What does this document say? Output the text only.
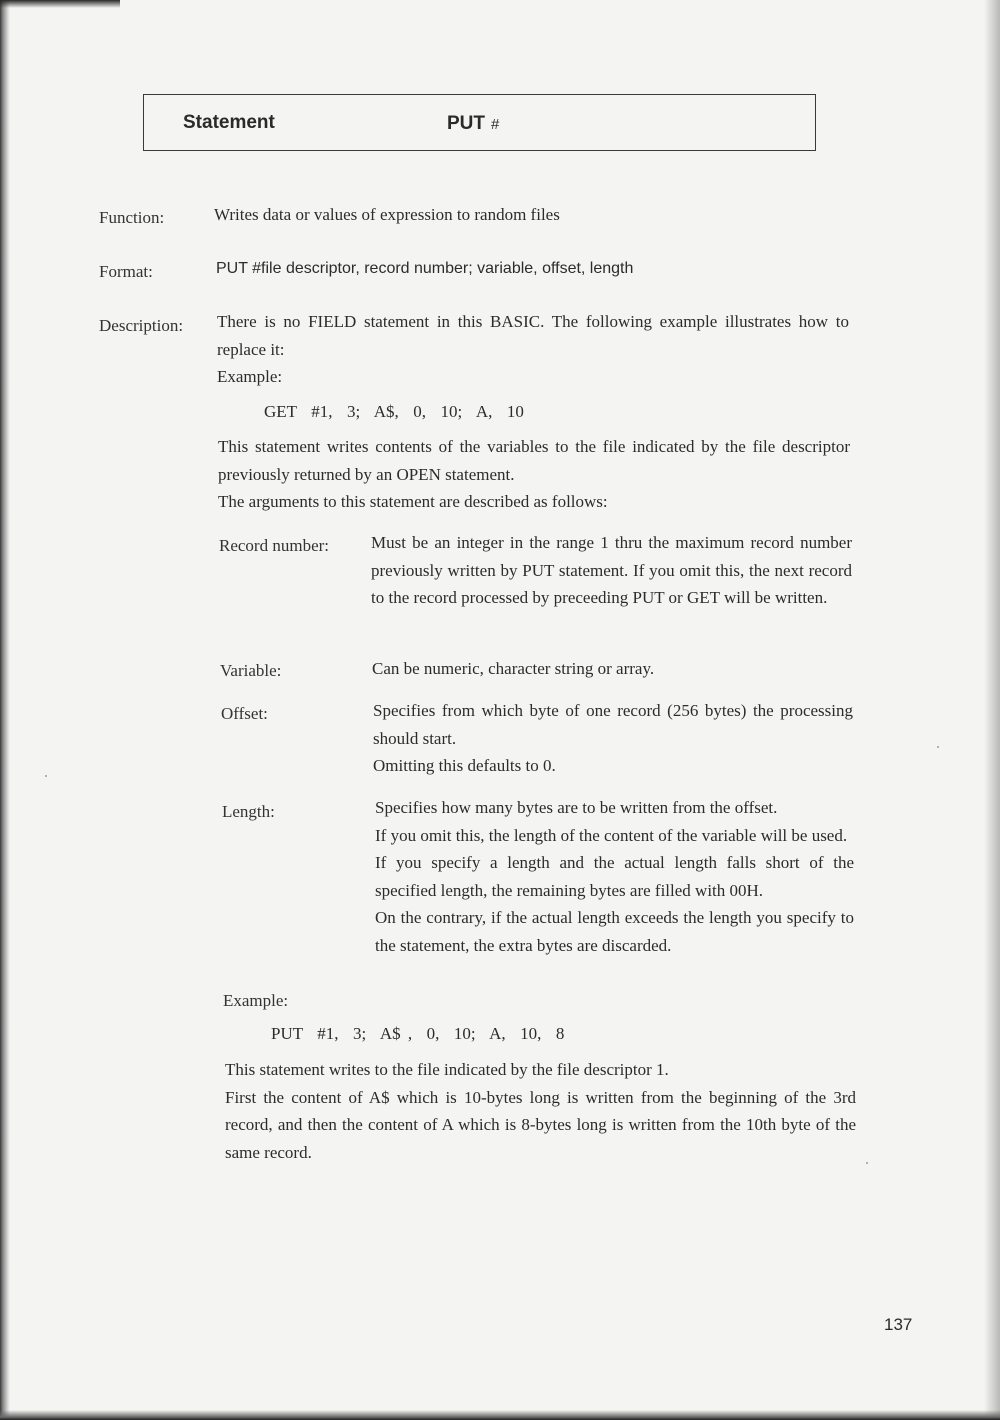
Statement	PUT #
Function:	Writes data or values of expression to random files
Format:	PUT #file descriptor, record number; variable, offset, length
Description: There is no FIELD statement in this BASIC. The following example illustrates how to replace it:

Example:

GET  #1,  3;  A$,  0,  10;  A,  10

This statement writes contents of the variables to the file indicated by the file descriptor previously returned by an OPEN statement.

The arguments to this statement are described as follows:

Record number: Must be an integer in the range 1 thru the maximum record number previously written by PUT statement. If you omit this, the next record to the record processed by preceeding PUT or GET will be written.

Variable:	Can be numeric, character string or array.

Offset:	Specifies from which byte of one record (256 bytes) the processing should start.

Omitting this defaults to 0.

Length:	Specifies how many bytes are to be written from the offset.

If you omit this, the length of the content of the variable will be used.

If you specify a length and the actual length falls short of the specified length, the remaining bytes are filled with 00H.

On the contrary, if the actual length exceeds the length you specify to the statement, the extra bytes are discarded.

Example:
PUT  #1,  3;  A$ ,  0,  10;  A,  10,  8

This statement writes to the file indicated by the file descriptor 1.

First the content of A$ which is 10-bytes long is written from the beginning of the 3rd record, and then the content of A which is 8-bytes long is written from the 10th byte of the same record.

137
